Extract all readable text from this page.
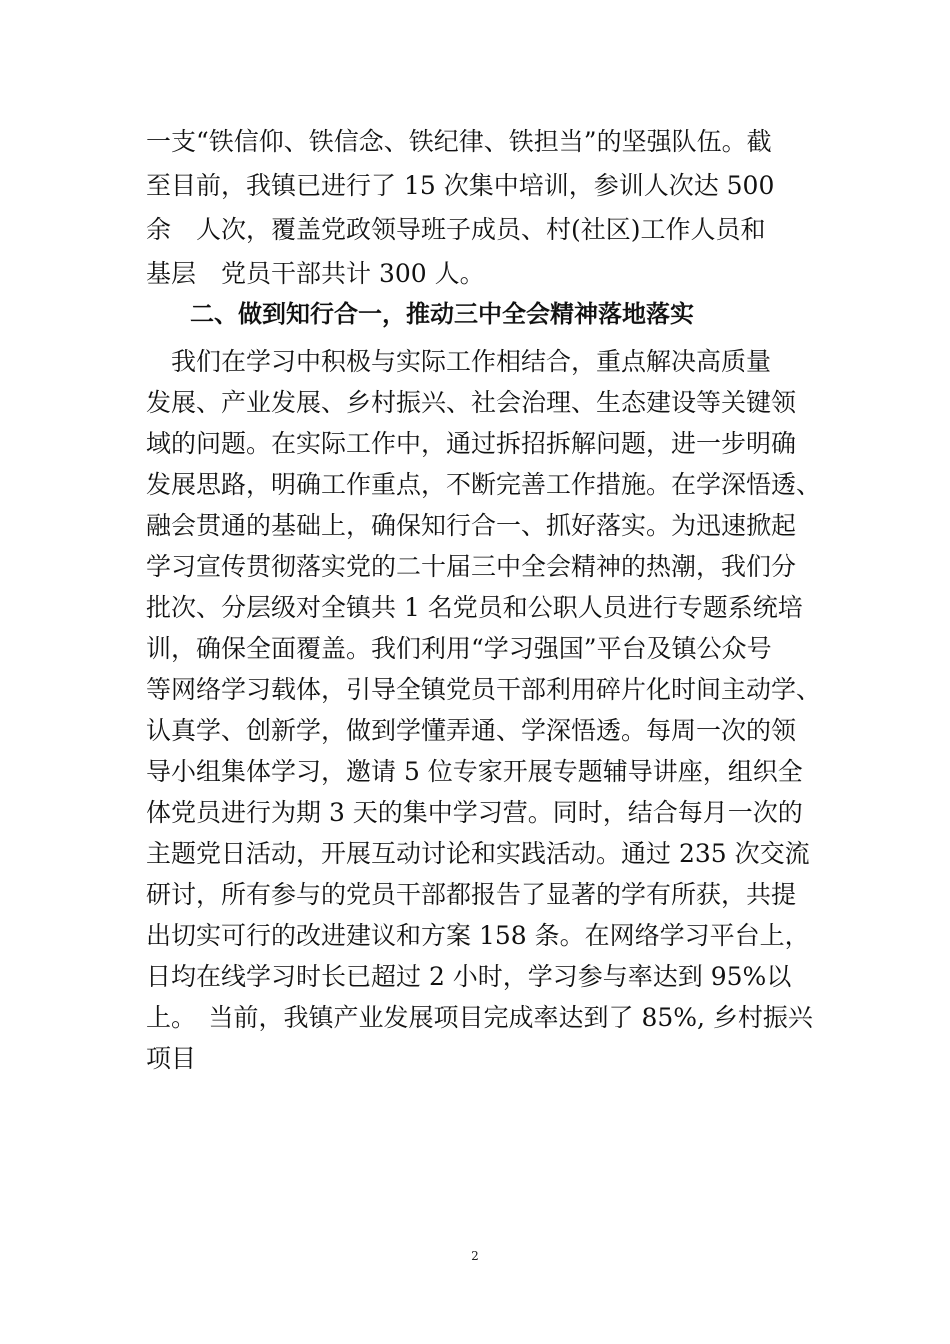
一支“铁信仰、铁信念、铁纪律、铁担当”的坚强队伍。截
至目前，我镇已进行了 15 次集中培训，参训人次达 500
余　人次，覆盖党政领导班子成员、村(社区)工作人员和
基层　党员干部共计 300 人。
二、做到知行合一，推动三中全会精神落地落实
　我们在学习中积极与实际工作相结合，重点解决高质量
发展、产业发展、乡村振兴、社会治理、生态建设等关键领
域的问题。在实际工作中，通过拆招拆解问题，进一步明确
发展思路，明确工作重点，不断完善工作措施。在学深悟透、
融会贯通的基础上，确保知行合一、抓好落实。为迅速掀起
学习宣传贯彻落实党的二十届三中全会精神的热潮，我们分
批次、分层级对全镇共 1 名党员和公职人员进行专题系统培
训，确保全面覆盖。我们利用“学习强国”平台及镇公众号
等网络学习载体，引导全镇党员干部利用碎片化时间主动学、
认真学、创新学，做到学懂弄通、学深悟透。每周一次的领
导小组集体学习，邀请 5 位专家开展专题辅导讲座，组织全
体党员进行为期 3 天的集中学习营。同时，结合每月一次的
主题党日活动，开展互动讨论和实践活动。通过 235 次交流
研讨，所有参与的党员干部都报告了显著的学有所获，共提
出切实可行的改进建议和方案 158 条。在网络学习平台上，
日均在线学习时长已超过 2 小时，学习参与率达到 95%以
上。　当前，我镇产业发展项目完成率达到了 85%, 乡村振兴
项目
2
